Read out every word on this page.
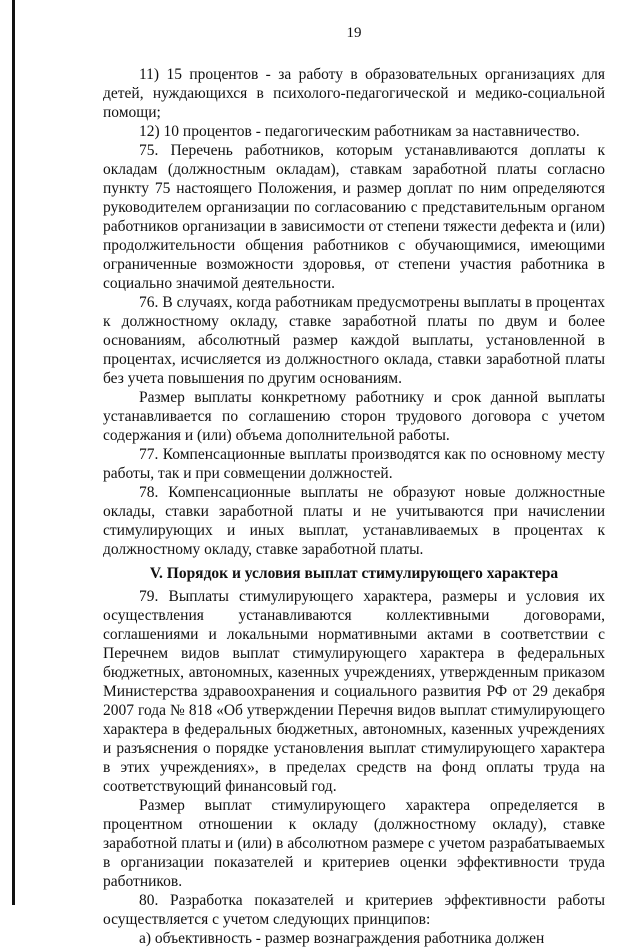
19

11) 15 процентов - за работу в образовательных организациях для детей, нуждающихся в психолого-педагогической и медико-социальной помощи;

12) 10 процентов - педагогическим работникам за наставничество.

75. Перечень работников, которым устанавливаются доплаты к окладам (должностным окладам), ставкам заработной платы согласно пункту 75 настоящего Положения, и размер доплат по ним определяются руководителем организации по согласованию с представительным органом работников организации в зависимости от степени тяжести дефекта и (или) продолжительности общения работников с обучающимися, имеющими ограниченные возможности здоровья, от степени участия работника в социально значимой деятельности.

76. В случаях, когда работникам предусмотрены выплаты в процентах к должностному окладу, ставке заработной платы по двум и более основаниям, абсолютный размер каждой выплаты, установленной в процентах, исчисляется из должностного оклада, ставки заработной платы без учета повышения по другим основаниям.

Размер выплаты конкретному работнику и срок данной выплаты устанавливается по соглашению сторон трудового договора с учетом содержания и (или) объема дополнительной работы.

77. Компенсационные выплаты производятся как по основному месту работы, так и при совмещении должностей.

78. Компенсационные выплаты не образуют новые должностные оклады, ставки заработной платы и не учитываются при начислении стимулирующих и иных выплат, устанавливаемых в процентах к должностному окладу, ставке заработной платы.

V. Порядок и условия выплат стимулирующего характера

79. Выплаты стимулирующего характера, размеры и условия их осуществления устанавливаются коллективными договорами, соглашениями и локальными нормативными актами в соответствии с Перечнем видов выплат стимулирующего характера в федеральных бюджетных, автономных, казенных учреждениях, утвержденным приказом Министерства здравоохранения и социального развития РФ от 29 декабря 2007 года № 818 «Об утверждении Перечня видов выплат стимулирующего характера в федеральных бюджетных, автономных, казенных учреждениях и разъяснения о порядке установления выплат стимулирующего характера в этих учреждениях», в пределах средств на фонд оплаты труда на соответствующий финансовый год.

Размер выплат стимулирующего характера определяется в процентном отношении к окладу (должностному окладу), ставке заработной платы и (или) в абсолютном размере с учетом разрабатываемых в организации показателей и критериев оценки эффективности труда работников.

80. Разработка показателей и критериев эффективности работы осуществляется с учетом следующих принципов:

а) объективность - размер вознаграждения работника должен
